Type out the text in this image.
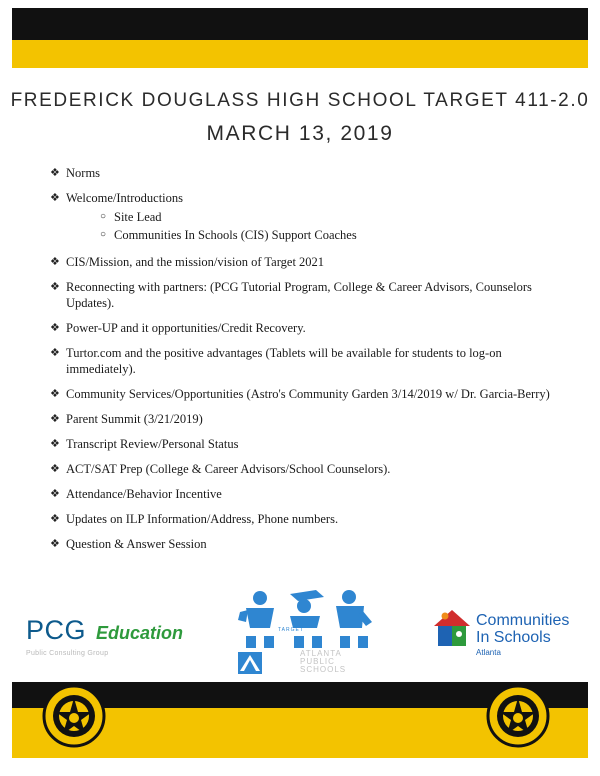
FREDERICK DOUGLASS HIGH SCHOOL TARGET 411-2.0
MARCH 13, 2019
❖ Norms
❖ Welcome/Introductions
○ Site Lead
○ Communities In Schools (CIS) Support Coaches
❖ CIS/Mission, and the mission/vision of Target 2021
❖ Reconnecting with partners: (PCG Tutorial Program, College & Career Advisors, Counselors Updates).
❖ Power-UP and it opportunities/Credit Recovery.
❖ Turtor.com and the positive advantages (Tablets will be available for students to log-on immediately).
❖ Community Services/Opportunities (Astro's Community Garden 3/14/2019 w/ Dr. Garcia-Berry)
❖ Parent Summit (3/21/2019)
❖ Transcript Review/Personal Status
❖ ACT/SAT Prep (College & Career Advisors/School Counselors).
❖ Attendance/Behavior Incentive
❖ Updates on ILP Information/Address, Phone numbers.
❖ Question & Answer Session
PCG Education
Public Consulting Group
TARGET
ATLANTA
PUBLIC
SCHOOLS
Communities
In Schools
Atlanta
